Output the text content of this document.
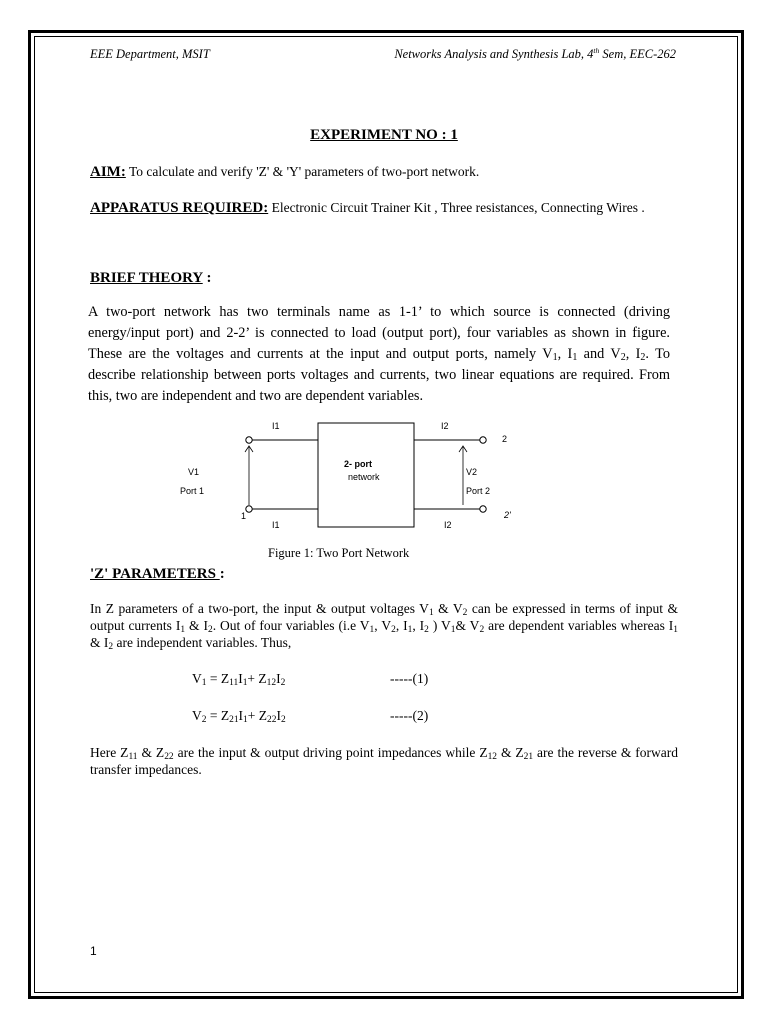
EEE Department, MSIT	Networks Analysis and Synthesis Lab, 4th Sem, EEC-262
EXPERIMENT NO : 1
AIM: To calculate and verify 'Z' & 'Y' parameters of two-port network.
APPARATUS REQUIRED: Electronic Circuit Trainer Kit , Three resistances, Connecting Wires .
BRIEF THEORY :
A two-port network has two terminals name as 1-1’ to which source is connected (driving energy/input port) and 2-2’ is connected to load (output port), four variables as shown in figure. These are the voltages and currents at the input and output ports, namely $V_1$, $I_1$ and $V_2$, $I_2$. To describe relationship between ports voltages and currents, two linear equations are required. From this, two are independent and two are dependent variables.
I1
I1
I2
I2
V1
Port 1
V2
Port 2
2- port
network
1
2
2'
Figure 1: Two Port Network
'Z' PARAMETERS :
In Z parameters of a two-port, the input & output voltages $V_1$ & $V_2$ can be expressed in terms of input & output currents $I_1$ & $I_2$. Out of four variables (i.e $V_1$, $V_2$, $I_1$, $I_2$ ) $V_1\&$ $V_2$ are dependent variables whereas $I_1$ & $I_2$ are independent variables. Thus,
$V_1 = Z_{11}I_1+ Z_{12}I_2$	-----(1)
$V_2 = Z_{21}I_1+ Z_{22}I_2$	-----(2)
Here $Z_{11}$ & $Z_{22}$ are the input & output driving point impedances while $Z_{12}$ & $Z_{21}$ are the reverse & forward transfer impedances.
1
